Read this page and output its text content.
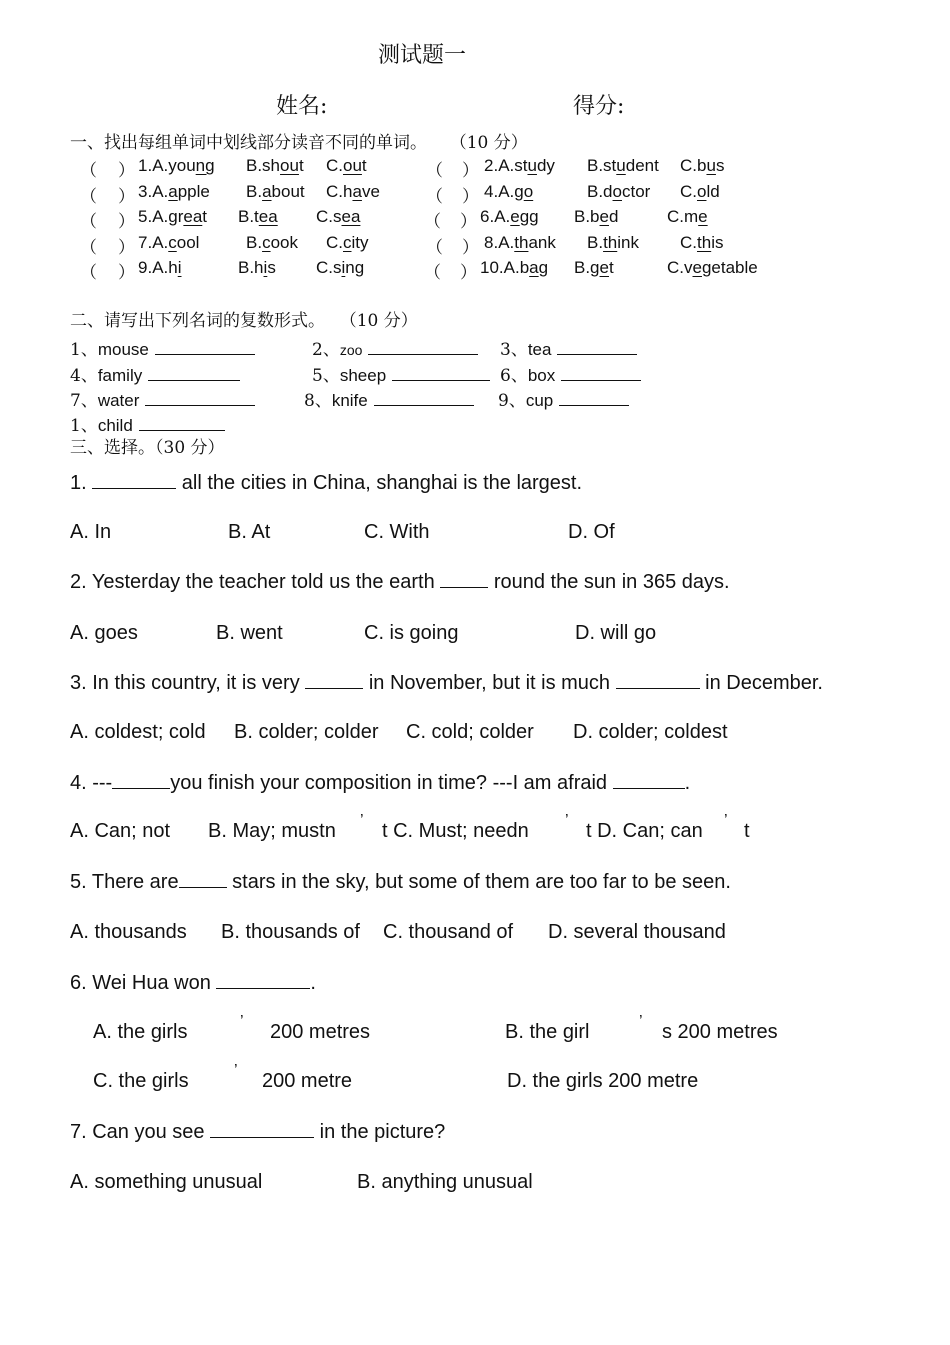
测试题一
姓名:	得分:
一、找出每组单词中划线部分读音不同的单词。 （10 分）
（ ） 1.A.young B.shout C.out	（ ） 2.A.study B.student C.bus
（ ） 3.A.apple B.about C.have	（ ） 4.A.go	B.doctor C.old
（ ） 5.A.great B.tea C.sea	（ ） 6.A.egg B.bed	C.me
（ ） 7.A.cool	B.cook C.city	（ ） 8.A.thank B.think C.this
（ ） 9.A.hi	B.his C.sing	（ ） 10.A.bag B.get	C.vegetable
二、请写出下列名词的复数形式。 （10 分）
1、mouse	2、zoo	3、tea
4、family	5、sheep	6、box
7、water	8、knife	9、cup
1、child
三、选择。（30 分）
1.	all the cities in China, shanghai is the largest.
A. In	B. At	C. With	D. Of
2. Yesterday the teacher told us the earth  round the sun in 365 days.
A. goes	B. went	C. is going	D. will go
3. In this country, it is very	in November, but it is much	in December.
A. coldest; cold B. colder; colder C. cold; colder D. colder; coldest
4. ---	you finish your composition in time? ---I am afraid	.
A. Can; not B. May; mustn ’ t C. Must; needn ’ t D. Can; can ’ t
5. There are stars in the sky, but some of them are too far to be seen.
A. thousands B. thousands of C. thousand of D. several thousand
6. Wei Hua won	.
A. the girls	’ 200 metres	B. the girl	’ s 200 metres
C. the girls	’ 200 metre	D. the girls 200 metre
7. Can you see	in the picture?
A. something unusual	B. anything unusual
